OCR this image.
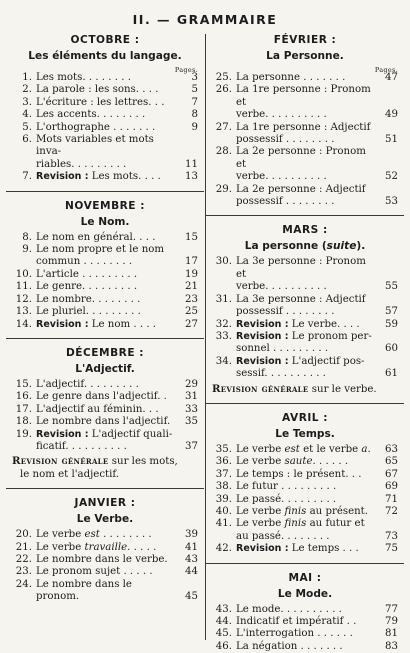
II. — GRAMMAIRE
OCTOBRE :
Les éléments du langage.
Pages.
1. Les mots. . . . . . . .	3
2. La parole : les sons. . . .	5
3. L'écriture : les lettres. . .	7
4. Les accents. . . . . . . .	8
5. L'orthographe . . . . . . .	9
6. Mots variables et mots inva-
riables. . . . . . . . .	11
7. Revision : Les mots. . . .	13
NOVEMBRE :
Le Nom.
8. Le nom en général. . . .	15
9. Le nom propre et le nom
commun . . . . . . . .	17
10. L'article . . . . . . . . .	19
11. Le genre. . . . . . . . .	21
12. Le nombre. . . . . . . .	23
13. Le pluriel. . . . . . . . .	25
14. Revision : Le nom . . . .	27
DÉCEMBRE :
L'Adjectif.
15. L'adjectif. . . . . . . . .	29
16. Le genre dans l'adjectif. .	31
17. L'adjectif au féminin. . .	33
18. Le nombre dans l'adjectif.	35
19. Revision : L'adjectif quali-
ficatif. . . . . . . . . .	37
Revision générale sur les mots,
le nom et l'adjectif.
JANVIER :
Le Verbe.
20. Le verbe est . . . . . . . .	39
21. Le verbe travaille. . . . .	41
22. Le nombre dans le verbe.	43
23. Le pronom sujet . . . . .	44
24. Le nombre dans le pronom.	45
FÉVRIER :
La Personne.
Pages.
25. La personne . . . . . . .	47
26. La 1re personne : Pronom et
verbe. . . . . . . . . .	49
27. La 1re personne : Adjectif
possessif . . . . . . . .	51
28. La 2e personne : Pronom et
verbe. . . . . . . . . .	52
29. La 2e personne : Adjectif
possessif . . . . . . . .	53
MARS :
La personne (suite).
30. La 3e personne : Pronom et
verbe. . . . . . . . . .	55
31. La 3e personne : Adjectif
possessif . . . . . . . .	57
32. Revision : Le verbe. . . .	59
33. Revision : Le pronom per-
sonnel . . . . . . . . .	60
34. Revision : L'adjectif pos-
sessif. . . . . . . . . .	61
Revision générale sur le verbe.
AVRIL :
Le Temps.
35. Le verbe est et le verbe a.	63
36. Le verbe saute. . . . . .	65
37. Le temps : le présent. . .	67
38. Le futur . . . . . . . . .	69
39. Le passé. . . . . . . . .	71
40. Le verbe finis au présent.	72
41. Le verbe finis au futur et
au passé. . . . . . . .	73
42. Revision : Le temps . . .	75
MAI :
Le Mode.
43. Le mode. . . . . . . . . .	77
44. Indicatif et impératif . .	79
45. L'interrogation . . . . . .	81
46. La négation . . . . . . .	83
